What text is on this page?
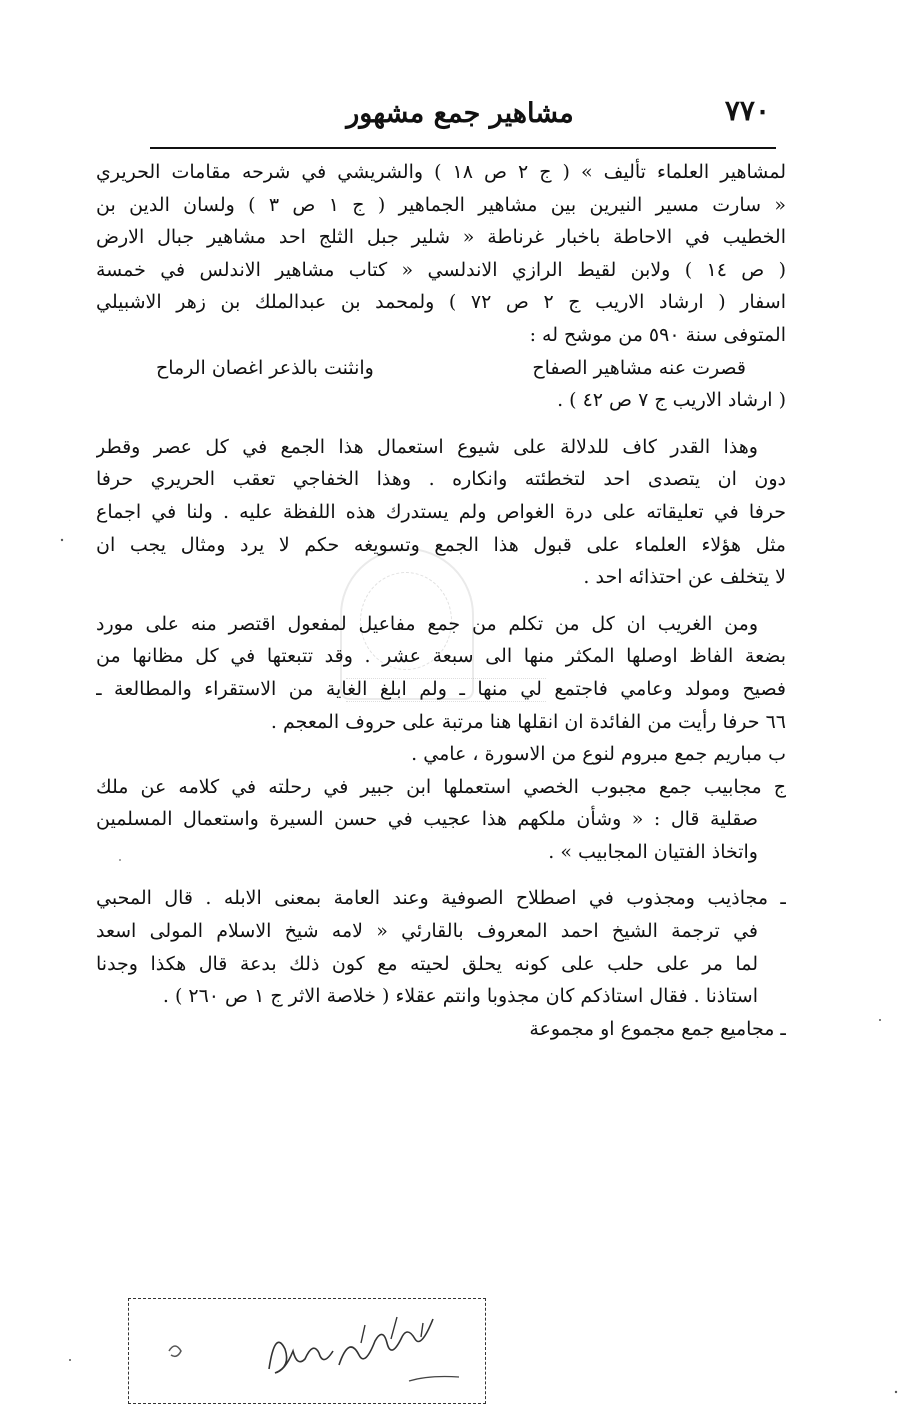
مشاهير جمع مشهور	٧٧٠
لمشاهير العلماء تأليف » ( ج ٢ ص ١٨ ) والشريشي في شرحه مقامات الحريري
« سارت مسير النيرين بين مشاهير الجماهير ( ج ١ ص ٣ ) ولسان الدين بن
الخطيب في الاحاطة باخبار غرناطة « شلير جبل الثلج احد مشاهير جبال الارض
( ص ١٤ ) ولابن لقيط الرازي الاندلسي « كتاب مشاهير الاندلس في خمسة
اسفار ( ارشاد الاريب ج ٢ ص ٧٢ ) ولمحمد بن عبدالملك بن زهر الاشبيلي
المتوفى سنة ٥٩٠ من موشح له :
قصرت عنه مشاهير الصفاح
وانثنت بالذعر اغصان الرماح
( ارشاد الاريب ج ٧ ص ٤٢ ) .
وهذا القدر كاف للدلالة على شيوع استعمال هذا الجمع في كل عصر وقطر
دون ان يتصدى احد لتخطئته وانكاره . وهذا الخفاجي تعقب الحريري حرفا
حرفا في تعليقاته على درة الغواص ولم يستدرك هذه اللفظة عليه . ولنا في اجماع
مثل هؤلاء العلماء على قبول هذا الجمع وتسويغه حكم لا يرد ومثال يجب ان
لا يتخلف عن احتذائه احد .
ومن الغريب ان كل من تكلم من جمع مفاعيل لمفعول اقتصر منه على مورد
بضعة الفاظ اوصلها المكثر منها الى سبعة عشر . وقد تتبعتها في كل مظانها من
فصيح ومولد وعامي فاجتمع لي منها ـ ولم ابلغ الغاية من الاستقراء والمطالعة ـ
٦٦ حرفا رأيت من الفائدة ان انقلها هنا مرتبة على حروف المعجم .
ب مباريم جمع مبروم لنوع من الاسورة ، عامي .
ج مجابيب جمع مجبوب الخصي استعملها ابن جبير في رحلته في كلامه عن ملك
صقلية قال : « وشأن ملكهم هذا عجيب في حسن السيرة واستعمال المسلمين
واتخاذ الفتيان المجابيب » .
ـ مجاذيب ومجذوب في اصطلاح الصوفية وعند العامة بمعنى الابله . قال المحبي
في ترجمة الشيخ احمد المعروف بالقارئي « لامه شيخ الاسلام المولى اسعد
لما مر على حلب على كونه يحلق لحيته مع كون ذلك بدعة قال هكذا وجدنا
استاذنا . فقال استاذكم كان مجذوبا وانتم عقلاء ( خلاصة الاثر ج ١ ص ٢٦٠ ) .
ـ مجاميع جمع مجموع او مجموعة
